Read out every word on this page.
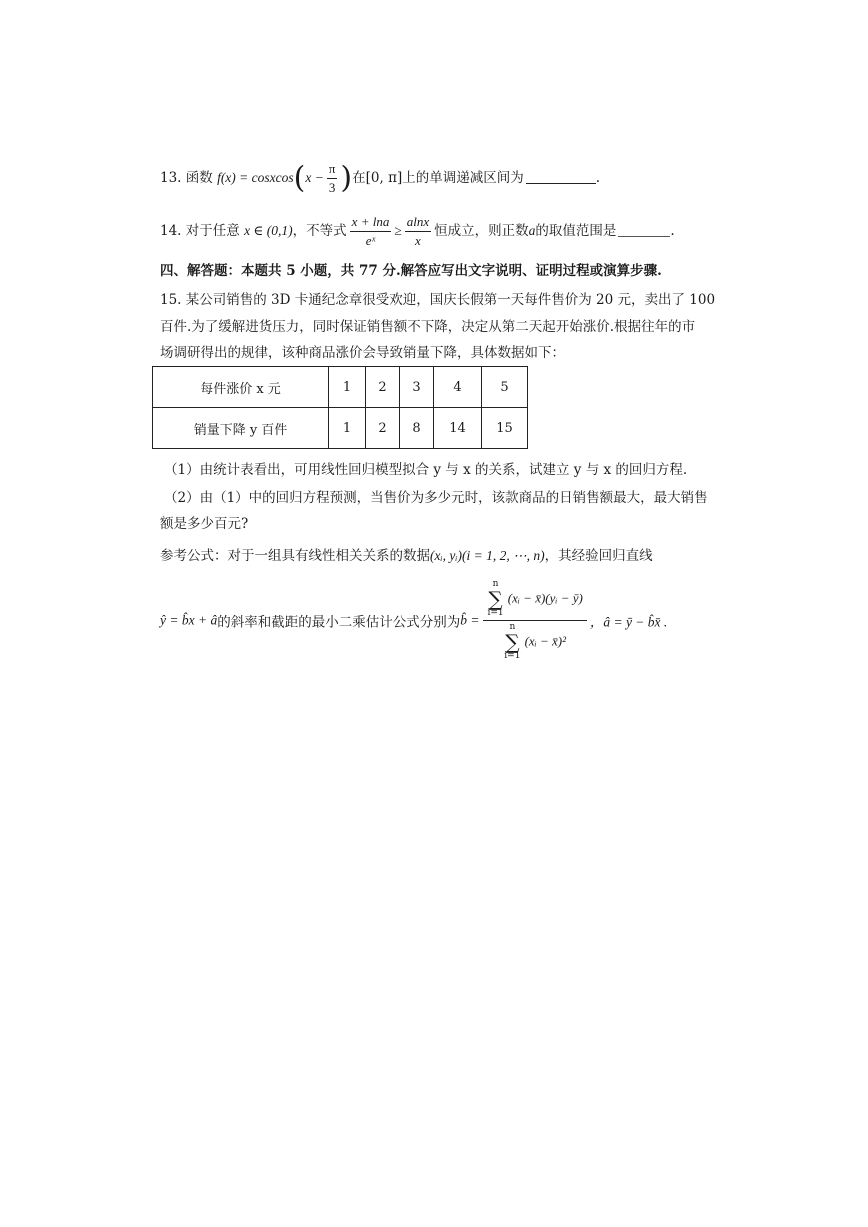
13. 函数 f(x) = cosxcos(x − $\frac{\pi}{3}$ )在[0, π]上的单调递减区间为	.
14. 对于任意 x ∈ (0,1)，不等式 $\frac{x + \ln a}{\text{eˣ}} \ge \frac{alnx}{x}$ 恒成立，则正数a的取值范围是	.
四、解答题：本题共 5 小题，共 77 分.解答应写出文字说明、证明过程或演算步骤.
15. 某公司销售的 3D 卡通纪念章很受欢迎，国庆长假第一天每件售价为 20 元，卖出了 100
百件.为了缓解进货压力，同时保证销售额不下降，决定从第二天起开始涨价.根据往年的市
场调研得出的规律，该种商品涨价会导致销量下降，具体数据如下：
每件涨价 x 元	1	2	3	4	5
销量下降 y 百件	1	2	8	14	15
（1）由统计表看出，可用线性回归模型拟合 y 与 x 的关系，试建立 y 与 x 的回归方程.
（2）由（1）中的回归方程预测，当售价为多少元时，该款商品的日销售额最大，最大销售
额是多少百元?
参考公式：对于一组具有线性相关关系的数据(xᵢ, yᵢ)(i = 1, 2, ⋯, n)，其经验回归直线
ŷ = b̂x + â的斜率和截距的最小二乘估计公式分别为b̂ = n
∑
i=1
(xᵢ − x̄)(yᵢ − ȳ)
n
∑
i=1
(xᵢ − x̄)² ，â = ȳ − b̂x̄ .
